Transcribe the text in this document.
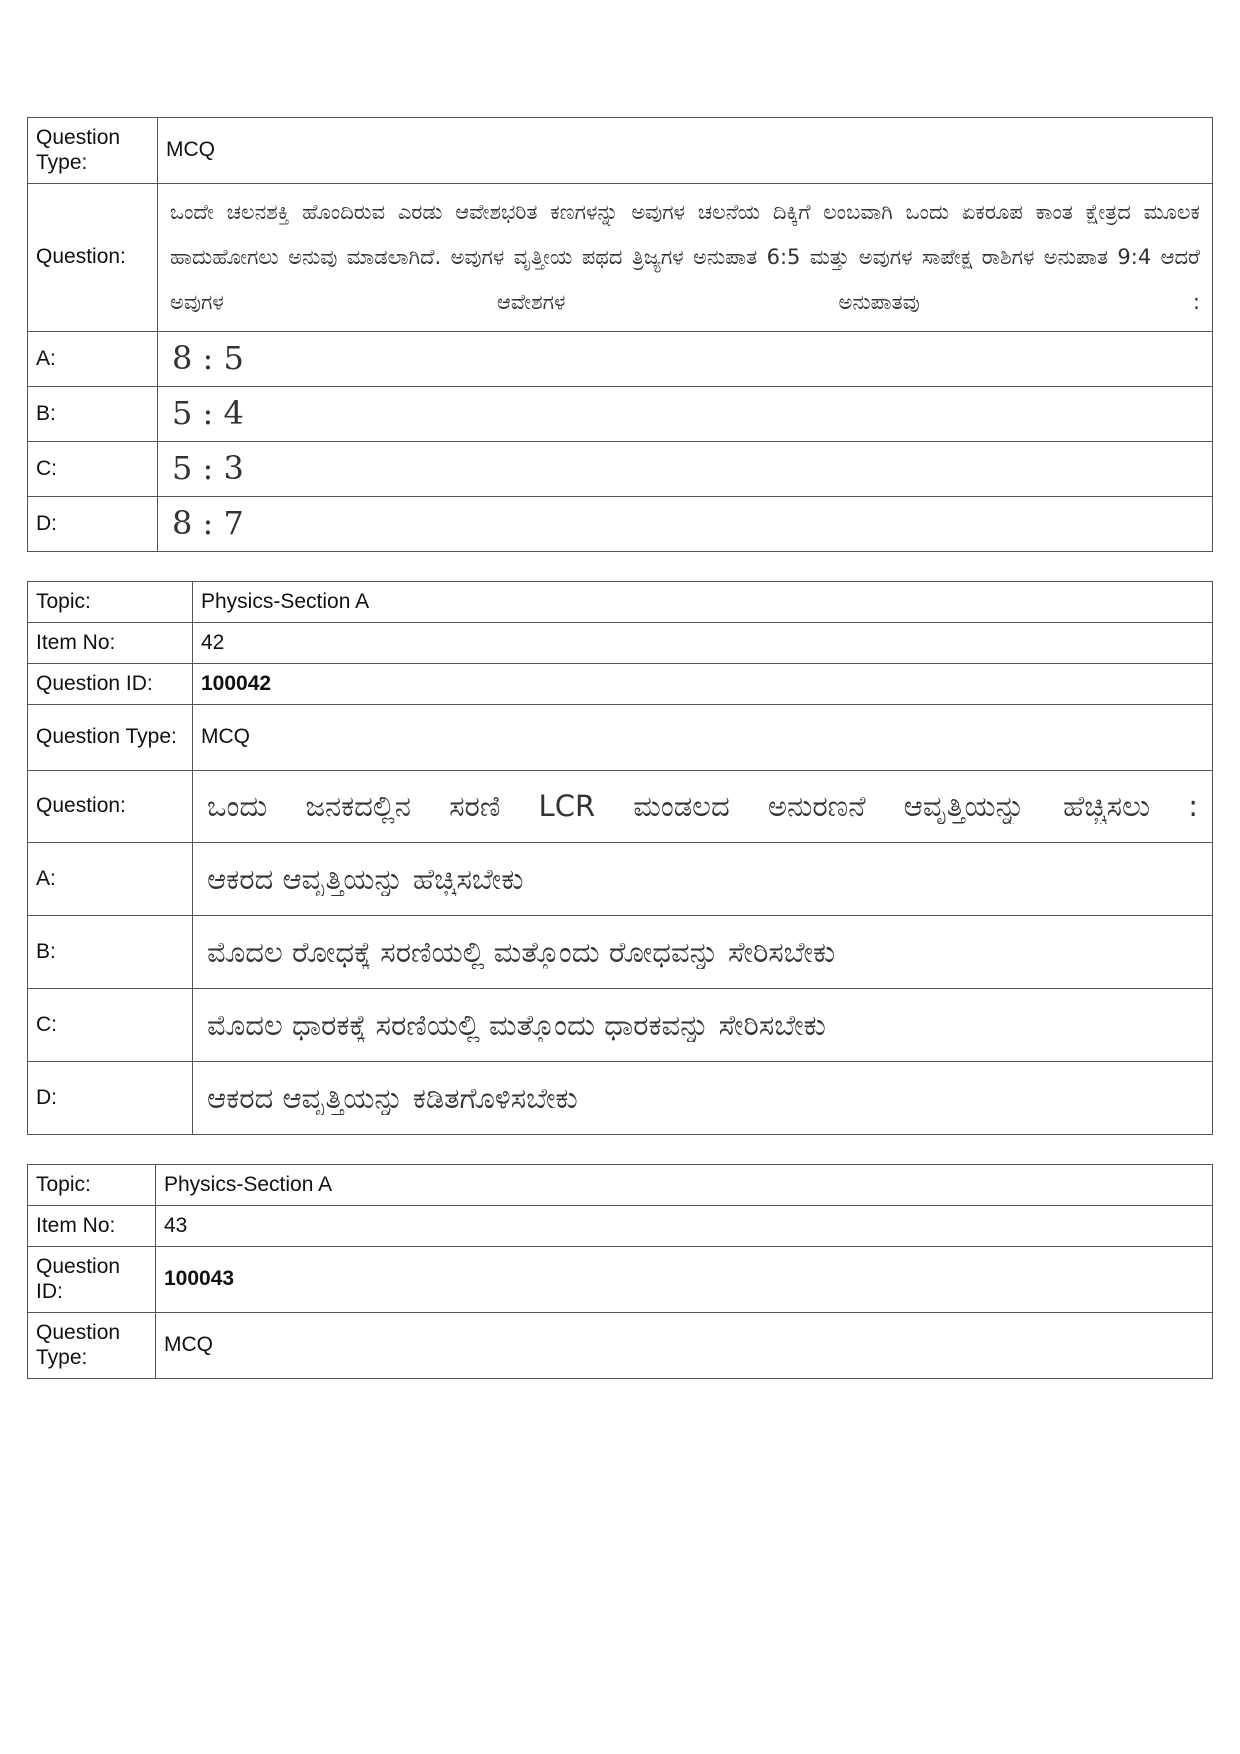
Question Type:	MCQ
Question:	ಒಂದೇ ಚಲನಶಕ್ತಿ ಹೊಂದಿರುವ ಎರಡು ಆವೇಶಭರಿತ ಕಣಗಳನ್ನು ಅವುಗಳ ಚಲನೆಯ ದಿಕ್ಕಿಗೆ ಲಂಬವಾಗಿ ಒಂದು ಏಕರೂಪ ಕಾಂತ ಕ್ಷೇತ್ರದ ಮೂಲಕ ಹಾದುಹೋಗಲು ಅನುವು ಮಾಡಲಾಗಿದೆ. ಅವುಗಳ ವೃತ್ತೀಯ ಪಥದ ತ್ರಿಜ್ಯಗಳ ಅನುಪಾತ 6:5 ಮತ್ತು ಅವುಗಳ ಸಾಪೇಕ್ಷ ರಾಶಿಗಳ ಅನುಪಾತ 9:4 ಆದರೆ ಅವುಗಳ ಆವೇಶಗಳ ಅನುಪಾತವು :

A:	8 : 5
B:	5 : 4
C:	5 : 3
D:	8 : 7
Topic:	Physics-Section A
Item No:	42
Question ID:	100042
Question Type:	MCQ
Question:	ಒಂದು ಜನಕದಲ್ಲಿನ ಸರಣಿ LCR ಮಂಡಲದ ಅನುರಣನೆ ಆವೃತ್ತಿಯನ್ನು ಹೆಚ್ಚಿಸಲು :

A:	ಆಕರದ ಆವೃತ್ತಿಯನ್ನು ಹೆಚ್ಚಿಸಬೇಕು

B:	ಮೊದಲ ರೋಧಕ್ಕೆ ಸರಣಿಯಲ್ಲಿ ಮತ್ತೊಂದು ರೋಧವನ್ನು ಸೇರಿಸಬೇಕು

C:	ಮೊದಲ ಧಾರಕಕ್ಕೆ ಸರಣಿಯಲ್ಲಿ ಮತ್ತೊಂದು ಧಾರಕವನ್ನು ಸೇರಿಸಬೇಕು

D:	ಆಕರದ ಆವೃತ್ತಿಯನ್ನು ಕಡಿತಗೊಳಿಸಬೇಕು
Topic:	Physics-Section A
Item No:	43
Question ID:	100043
Question Type:	MCQ
